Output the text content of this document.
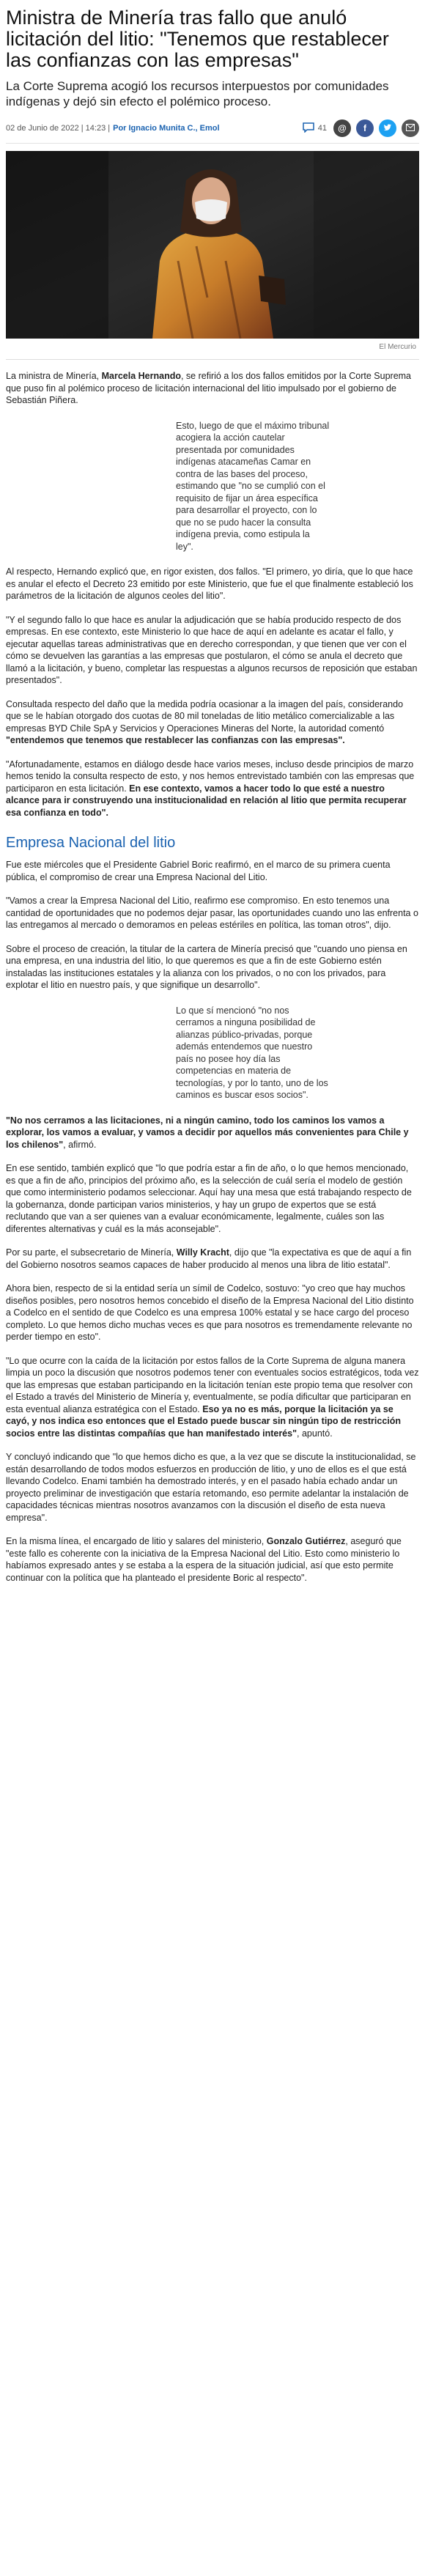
Ministra de Minería tras fallo que anuló licitación del litio: "Tenemos que restablecer las confianzas con las empresas"
La Corte Suprema acogió los recursos interpuestos por comunidades indígenas y dejó sin efecto el polémico proceso.
02 de Junio de 2022 | 14:23 | Por Ignacio Munita C., Emol	41 @ f
El Mercurio

La ministra de Minería, Marcela Hernando, se refirió a los dos fallos emitidos por la Corte Suprema que puso fin al polémico proceso de licitación internacional del litio impulsado por el gobierno de Sebastián Piñera.

Esto, luego de que el máximo tribunal acogiera la acción cautelar presentada por comunidades indígenas atacameñas Camar en contra de las bases del proceso, estimando que "no se cumplió con el requisito de fijar un área específica para desarrollar el proyecto, con lo que no se pudo hacer la consulta indígena previa, como estipula la ley".

Al respecto, Hernando explicó que, en rigor existen, dos fallos. "El primero, yo diría, que lo que hace es anular el efecto el Decreto 23 emitido por este Ministerio, que fue el que finalmente estableció los parámetros de la licitación de algunos ceoles del litio".

"Y el segundo fallo lo que hace es anular la adjudicación que se había producido respecto de dos empresas. En ese contexto, este Ministerio lo que hace de aquí en adelante es acatar el fallo, y ejecutar aquellas tareas administrativas que en derecho correspondan, y que tienen que ver con el cómo se devuelven las garantías a las empresas que postularon, el cómo se anula el decreto que llamó a la licitación, y bueno, completar las respuestas a algunos recursos de reposición que estaban presentados".

Consultada respecto del daño que la medida podría ocasionar a la imagen del país, considerando que se le habían otorgado dos cuotas de 80 mil toneladas de litio metálico comercializable a las empresas BYD Chile SpA y Servicios y Operaciones Mineras del Norte, la autoridad comentó "entendemos que tenemos que restablecer las confianzas con las empresas".

"Afortunadamente, estamos en diálogo desde hace varios meses, incluso desde principios de marzo hemos tenido la consulta respecto de esto, y nos hemos entrevistado también con las empresas que participaron en esta licitación. En ese contexto, vamos a hacer todo lo que esté a nuestro alcance para ir construyendo una institucionalidad en relación al litio que permita recuperar esa confianza en todo".

Empresa Nacional del litio

Fue este miércoles que el Presidente Gabriel Boric reafirmó, en el marco de su primera cuenta pública, el compromiso de crear una Empresa Nacional del Litio.

"Vamos a crear la Empresa Nacional del Litio, reafirmo ese compromiso. En esto tenemos una cantidad de oportunidades que no podemos dejar pasar, las oportunidades cuando uno las enfrenta o las entregamos al mercado o demoramos en peleas estériles en política, las toman otros", dijo.

Sobre el proceso de creación, la titular de la cartera de Minería precisó que "cuando uno piensa en una empresa, en una industria del litio, lo que queremos es que a fin de este Gobierno estén instaladas las instituciones estatales y la alianza con los privados, o no con los privados, para explotar el litio en nuestro país, y que signifique un desarrollo".

Lo que sí mencionó "no nos cerramos a ninguna posibilidad de alianzas público-privadas, porque además entendemos que nuestro país no posee hoy día las competencias en materia de tecnologías, y por lo tanto, uno de los caminos es buscar esos socios".

"No nos cerramos a las licitaciones, ni a ningún camino, todo los caminos los vamos a explorar, los vamos a evaluar, y vamos a decidir por aquellos más convenientes para Chile y los chilenos", afirmó.

En ese sentido, también explicó que "lo que podría estar a fin de año, o lo que hemos mencionado, es que a fin de año, principios del próximo año, es la selección de cuál sería el modelo de gestión que como interministerio podamos seleccionar. Aquí hay una mesa que está trabajando respecto de la gobernanza, donde participan varios ministerios, y hay un grupo de expertos que se está reclutando que van a ser quienes van a evaluar económicamente, legalmente, cuáles son las diferentes alternativas y cuál es la más aconsejable".

Por su parte, el subsecretario de Minería, Willy Kracht, dijo que "la expectativa es que de aquí a fin del Gobierno nosotros seamos capaces de haber producido al menos una libra de litio estatal".

Ahora bien, respecto de si la entidad sería un símil de Codelco, sostuvo: "yo creo que hay muchos diseños posibles, pero nosotros hemos concebido el diseño de la Empresa Nacional del Litio distinto a Codelco en el sentido de que Codelco es una empresa 100% estatal y se hace cargo del proceso completo. Lo que hemos dicho muchas veces es que para nosotros es tremendamente relevante no perder tiempo en esto".

"Lo que ocurre con la caída de la licitación por estos fallos de la Corte Suprema de alguna manera limpia un poco la discusión que nosotros podemos tener con eventuales socios estratégicos, toda vez que las empresas que estaban participando en la licitación tenían este propio tema que resolver con el Estado a través del Ministerio de Minería y, eventualmente, se podía dificultar que participaran en esta eventual alianza estratégica con el Estado. Eso ya no es más, porque la licitación ya se cayó, y nos indica eso entonces que el Estado puede buscar sin ningún tipo de restricción socios entre las distintas compañías que han manifestado interés", apuntó.

Y concluyó indicando que "lo que hemos dicho es que, a la vez que se discute la institucionalidad, se están desarrollando de todos modos esfuerzos en producción de litio, y uno de ellos es el que está llevando Codelco. Enami también ha demostrado interés, y en el pasado había echado andar un proyecto preliminar de investigación que estaría retomando, eso permite adelantar la instalación de capacidades técnicas mientras nosotros avanzamos con la discusión el diseño de esta nueva empresa".

En la misma línea, el encargado de litio y salares del ministerio, Gonzalo Gutiérrez, aseguró que "este fallo es coherente con la iniciativa de la Empresa Nacional del Litio. Esto como ministerio lo habíamos expresado antes y se estaba a la espera de la situación judicial, así que esto permite continuar con la política que ha planteado el presidente Boric al respecto".
